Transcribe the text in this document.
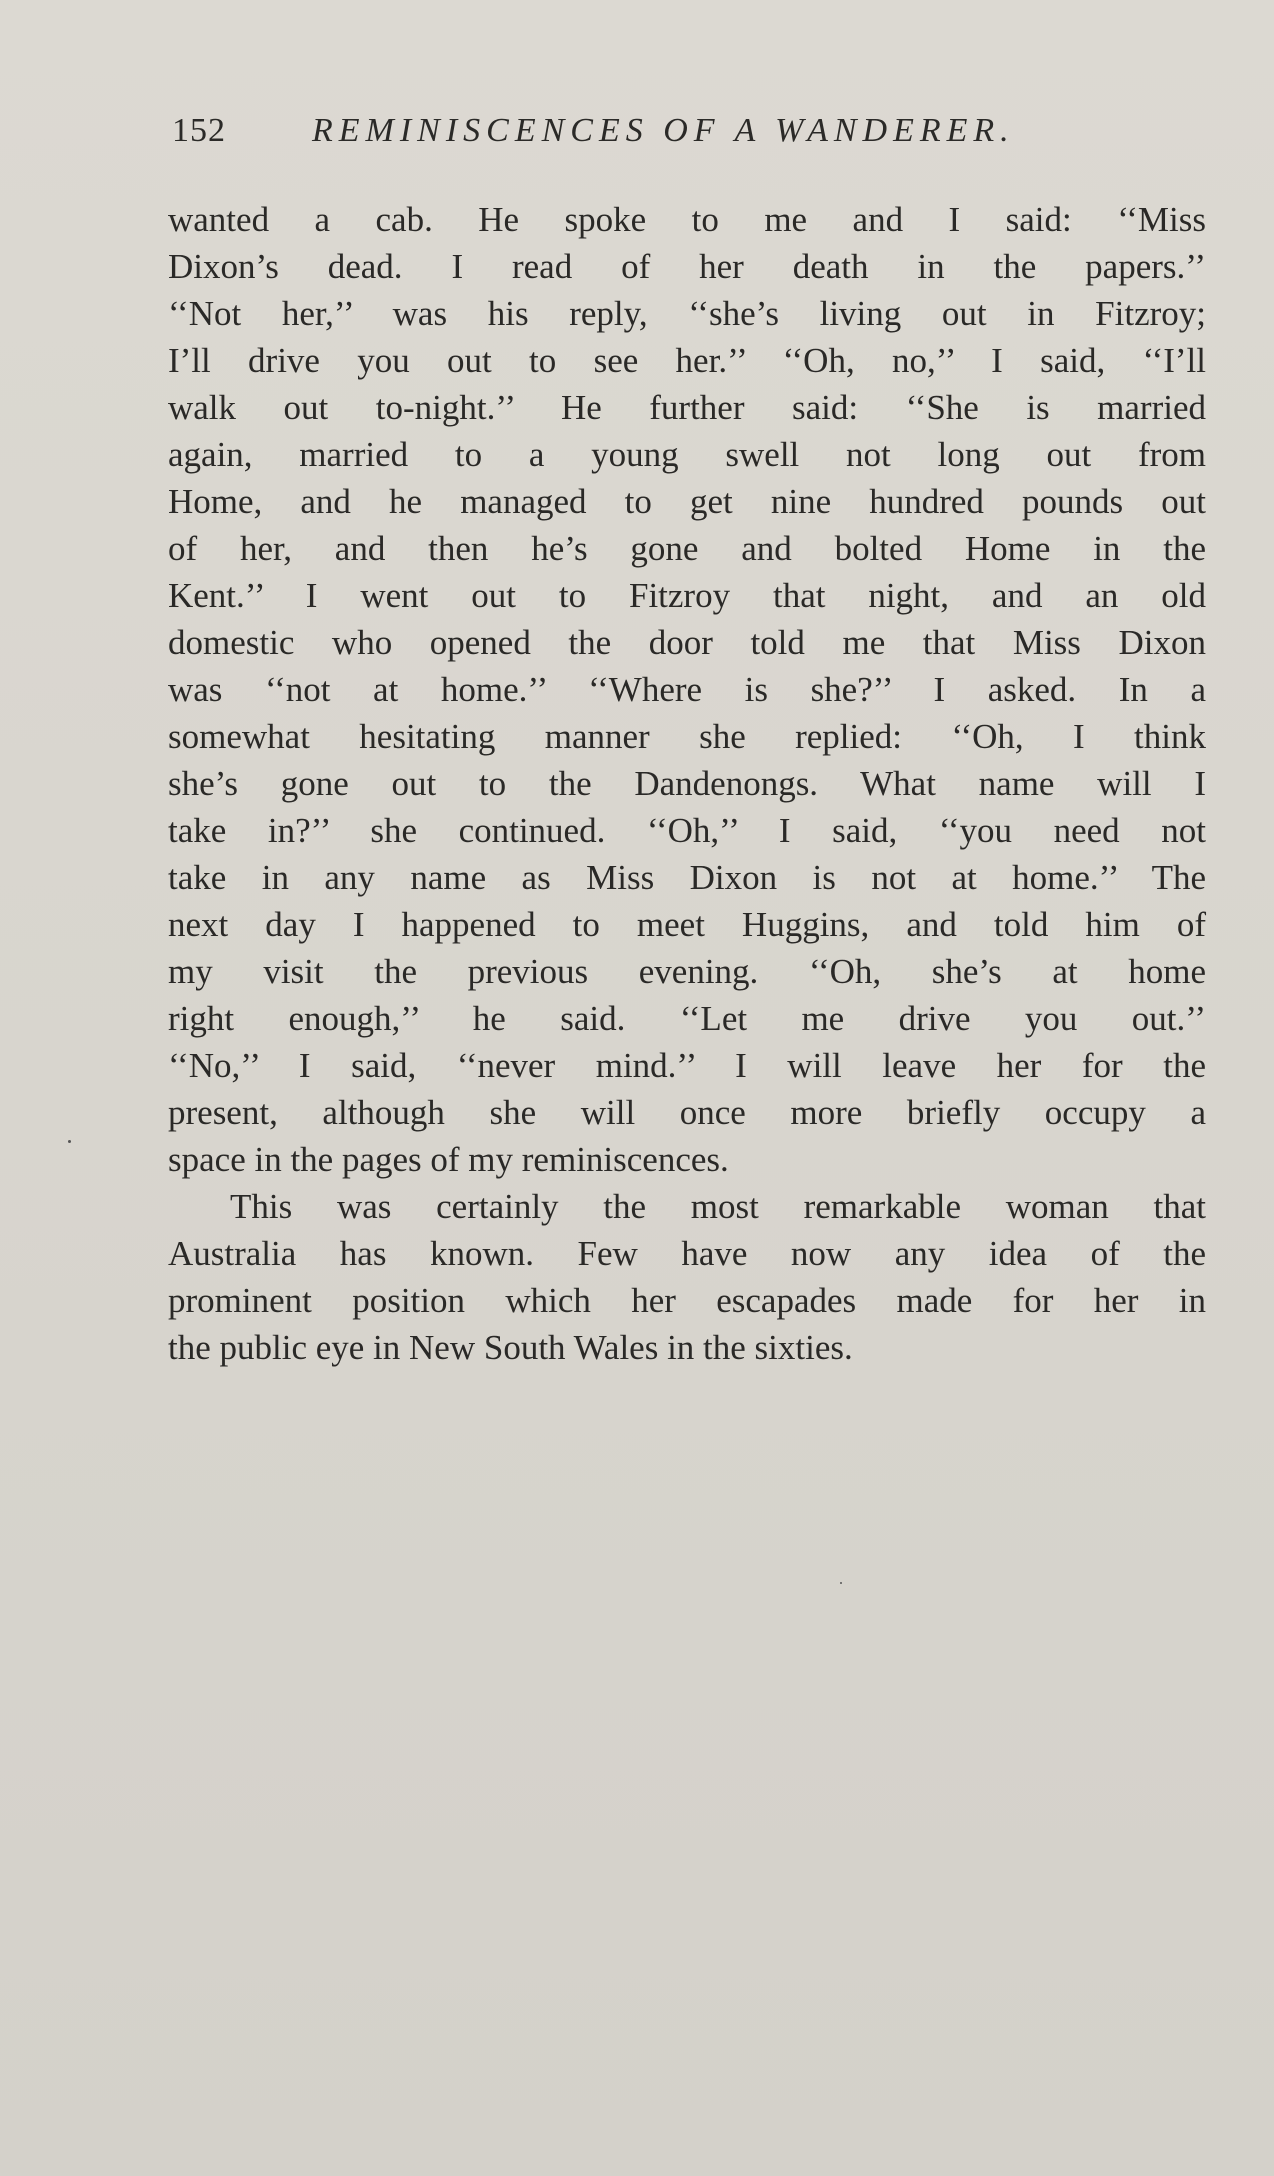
152	REMINISCENCES OF A WANDERER.
wanted a cab. He spoke to me and I said: ‘‘Miss
Dixon’s dead. I read of her death in the papers.’’
‘‘Not her,’’ was his reply, ‘‘she’s living out in Fitzroy;
I’ll drive you out to see her.’’ ‘‘Oh, no,’’ I said, ‘‘I’ll
walk out to-night.’’ He further said: ‘‘She is married
again, married to a young swell not long out from
Home, and he managed to get nine hundred pounds out
of her, and then he’s gone and bolted Home in the
Kent.’’ I went out to Fitzroy that night, and an old
domestic who opened the door told me that Miss Dixon
was ‘‘not at home.’’ ‘‘Where is she?’’ I asked. In a
somewhat hesitating manner she replied: ‘‘Oh, I think
she’s gone out to the Dandenongs. What name will I
take in?’’ she continued. ‘‘Oh,’’ I said, ‘‘you need not
take in any name as Miss Dixon is not at home.’’ The
next day I happened to meet Huggins, and told him of
my visit the previous evening. ‘‘Oh, she’s at home
right enough,’’ he said. ‘‘Let me drive you out.’’
‘‘No,’’ I said, ‘‘never mind.’’ I will leave her for the
present, although she will once more briefly occupy a
space in the pages of my reminiscences.
This was certainly the most remarkable woman that
Australia has known. Few have now any idea of the
prominent position which her escapades made for her in
the public eye in New South Wales in the sixties.
